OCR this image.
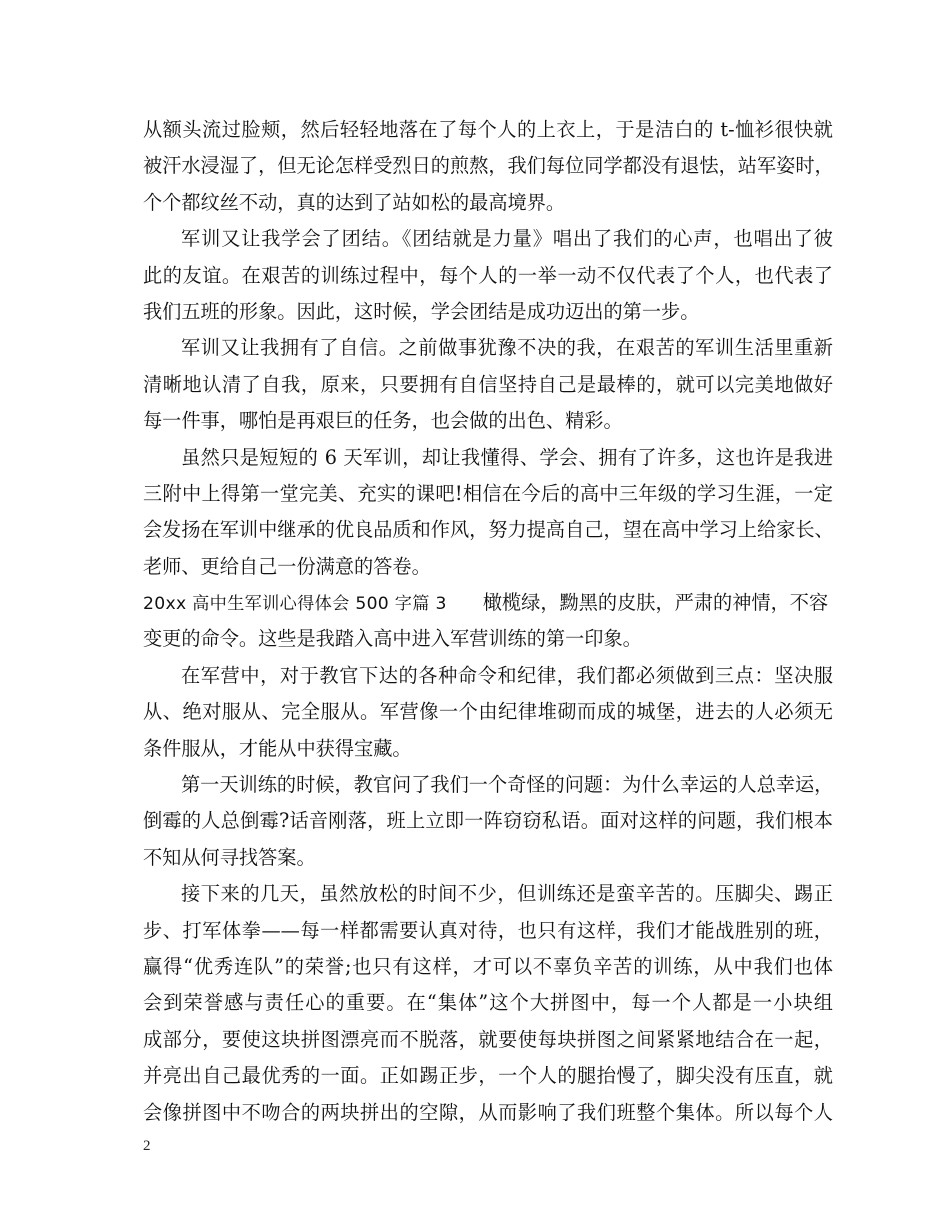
从额头流过脸颊，然后轻轻地落在了每个人的上衣上，于是洁白的 t-恤衫很快就
被汗水浸湿了，但无论怎样受烈日的煎熬，我们每位同学都没有退怯，站军姿时，
个个都纹丝不动，真的达到了站如松的最高境界。
军训又让我学会了团结。《团结就是力量》唱出了我们的心声，也唱出了彼
此的友谊。在艰苦的训练过程中，每个人的一举一动不仅代表了个人，也代表了
我们五班的形象。因此，这时候，学会团结是成功迈出的第一步。
军训又让我拥有了自信。之前做事犹豫不决的我，在艰苦的军训生活里重新
清晰地认清了自我，原来，只要拥有自信坚持自己是最棒的，就可以完美地做好
每一件事，哪怕是再艰巨的任务，也会做的出色、精彩。
虽然只是短短的 6 天军训，却让我懂得、学会、拥有了许多，这也许是我进
三附中上得第一堂完美、充实的课吧!相信在今后的高中三年级的学习生涯，一定
会发扬在军训中继承的优良品质和作风，努力提高自己，望在高中学习上给家长、
老师、更给自己一份满意的答卷。
20xx 高中生军训心得体会 500 字篇 3 橄榄绿，黝黑的皮肤，严肃的神情，不容
变更的命令。这些是我踏入高中进入军营训练的第一印象。
在军营中，对于教官下达的各种命令和纪律，我们都必须做到三点：坚决服
从、绝对服从、完全服从。军营像一个由纪律堆砌而成的城堡，进去的人必须无
条件服从，才能从中获得宝藏。
第一天训练的时候，教官问了我们一个奇怪的问题：为什么幸运的人总幸运，
倒霉的人总倒霉?话音刚落，班上立即一阵窃窃私语。面对这样的问题，我们根本
不知从何寻找答案。
接下来的几天，虽然放松的时间不少，但训练还是蛮辛苦的。压脚尖、踢正
步、打军体拳——每一样都需要认真对待，也只有这样，我们才能战胜别的班，
赢得“优秀连队”的荣誉;也只有这样，才可以不辜负辛苦的训练，从中我们也体
会到荣誉感与责任心的重要。在“集体”这个大拼图中，每一个人都是一小块组
成部分，要使这块拼图漂亮而不脱落，就要使每块拼图之间紧紧地结合在一起，
并亮出自己最优秀的一面。正如踢正步，一个人的腿抬慢了，脚尖没有压直，就
会像拼图中不吻合的两块拼出的空隙，从而影响了我们班整个集体。所以每个人
2
